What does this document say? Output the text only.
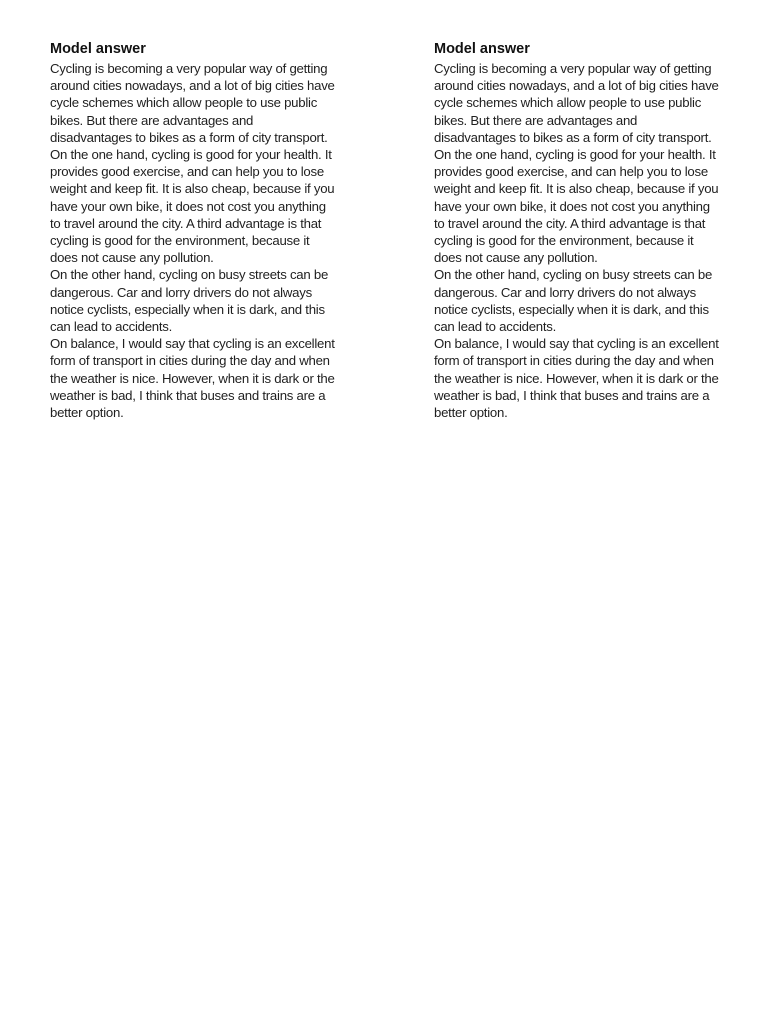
Model answer

Cycling is becoming a very popular way of getting around cities nowadays, and a lot of big cities have cycle schemes which allow people to use public bikes. But there are advantages and disadvantages to bikes as a form of city transport.

On the one hand, cycling is good for your health. It provides good exercise, and can help you to lose weight and keep fit. It is also cheap, because if you have your own bike, it does not cost you anything to travel around the city. A third advantage is that cycling is good for the environment, because it does not cause any pollution.

On the other hand, cycling on busy streets can be dangerous. Car and lorry drivers do not always notice cyclists, especially when it is dark, and this can lead to accidents.

On balance, I would say that cycling is an excellent form of transport in cities during the day and when the weather is nice. However, when it is dark or the weather is bad, I think that buses and trains are a better option.

Model answer

Cycling is becoming a very popular way of getting around cities nowadays, and a lot of big cities have cycle schemes which allow people to use public bikes. But there are advantages and disadvantages to bikes as a form of city transport.

On the one hand, cycling is good for your health. It provides good exercise, and can help you to lose weight and keep fit. It is also cheap, because if you have your own bike, it does not cost you anything to travel around the city. A third advantage is that cycling is good for the environment, because it does not cause any pollution.

On the other hand, cycling on busy streets can be dangerous. Car and lorry drivers do not always notice cyclists, especially when it is dark, and this can lead to accidents.

On balance, I would say that cycling is an excellent form of transport in cities during the day and when the weather is nice. However, when it is dark or the weather is bad, I think that buses and trains are a better option.
